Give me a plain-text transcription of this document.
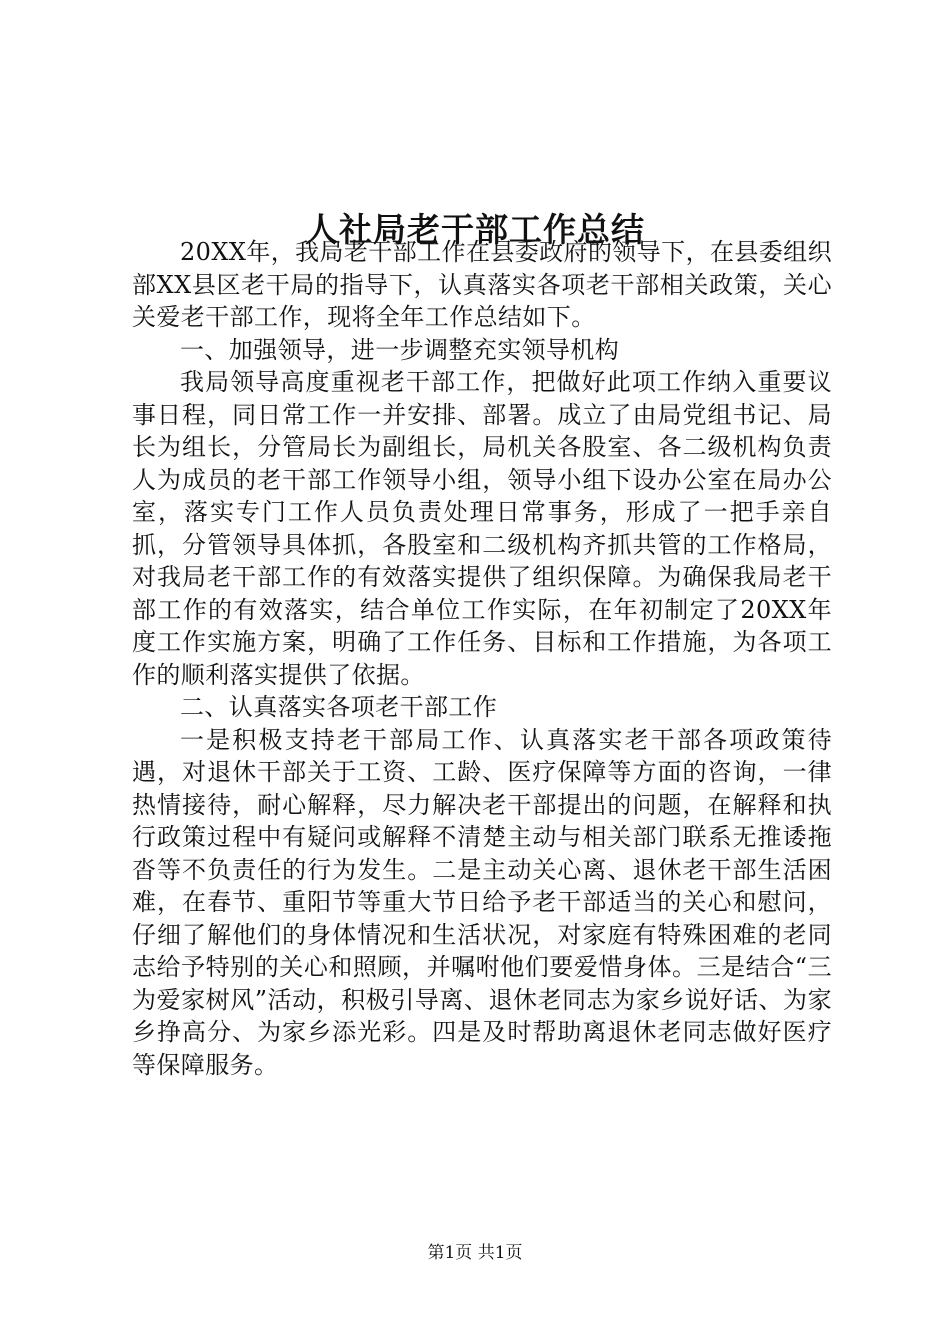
人社局老干部工作总结

20XX年，我局老干部工作在县委政府的领导下，在县委组织部XX县区老干局的指导下，认真落实各项老干部相关政策，关心关爱老干部工作，现将全年工作总结如下。

一、加强领导，进一步调整充实领导机构

我局领导高度重视老干部工作，把做好此项工作纳入重要议事日程，同日常工作一并安排、部署。成立了由局党组书记、局长为组长，分管局长为副组长，局机关各股室、各二级机构负责人为成员的老干部工作领导小组，领导小组下设办公室在局办公室，落实专门工作人员负责处理日常事务，形成了一把手亲自抓，分管领导具体抓，各股室和二级机构齐抓共管的工作格局，对我局老干部工作的有效落实提供了组织保障。为确保我局老干部工作的有效落实，结合单位工作实际，在年初制定了20XX年度工作实施方案，明确了工作任务、目标和工作措施，为各项工作的顺利落实提供了依据。

二、认真落实各项老干部工作

一是积极支持老干部局工作、认真落实老干部各项政策待遇，对退休干部关于工资、工龄、医疗保障等方面的咨询，一律热情接待，耐心解释，尽力解决老干部提出的问题，在解释和执行政策过程中有疑问或解释不清楚主动与相关部门联系无推诿拖沓等不负责任的行为发生。二是主动关心离、退休老干部生活困难，在春节、重阳节等重大节日给予老干部适当的关心和慰问，仔细了解他们的身体情况和生活状况，对家庭有特殊困难的老同志给予特别的关心和照顾，并嘱咐他们要爱惜身体。三是结合“三为爱家树风”活动，积极引导离、退休老同志为家乡说好话、为家乡挣高分、为家乡添光彩。四是及时帮助离退休老同志做好医疗等保障服务。

第1页 共1页
